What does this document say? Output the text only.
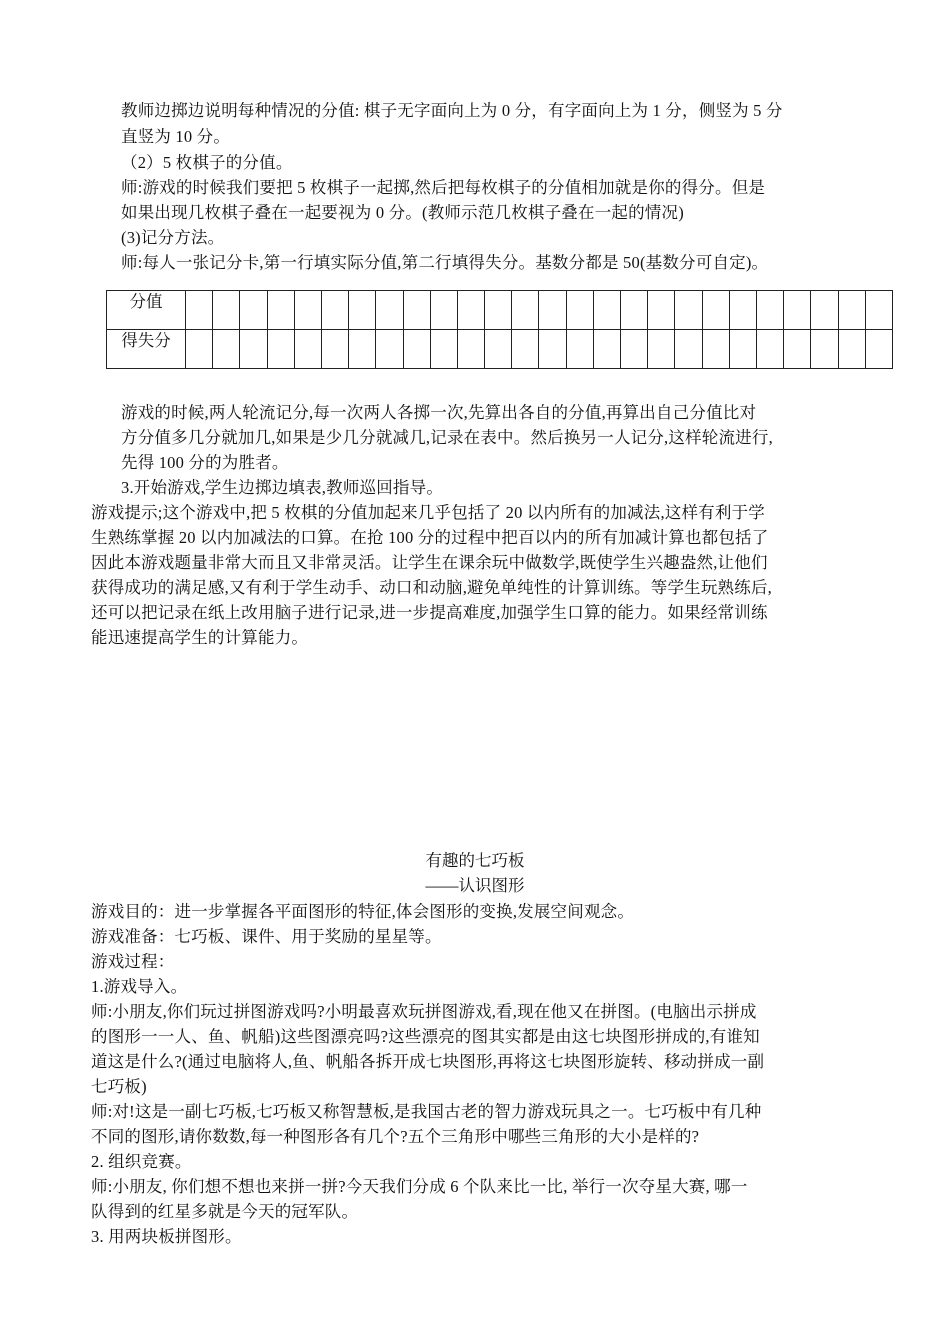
教师边掷边说明每种情况的分值: 棋子无字面向上为 0 分，有字面向上为 1 分，侧竖为 5 分
直竖为 10 分。
（2）5 枚棋子的分值。
师:游戏的时候我们要把 5 枚棋子一起掷,然后把每枚棋子的分值相加就是你的得分。但是
如果出现几枚棋子叠在一起要视为 0 分。(教师示范几枚棋子叠在一起的情况)
(3)记分方法。
师:每人一张记分卡,第一行填实际分值,第二行填得失分。基数分都是 50(基数分可自定)。
分值																										
得失分																										
游戏的时候,两人轮流记分,每一次两人各掷一次,先算出各自的分值,再算出自己分值比对
方分值多几分就加几,如果是少几分就减几,记录在表中。然后换另一人记分,这样轮流进行,
先得 100 分的为胜者。
3.开始游戏,学生边掷边填表,教师巡回指导。
游戏提示;这个游戏中,把 5 枚棋的分值加起来几乎包括了 20 以内所有的加减法,这样有利于学
生熟练掌握 20 以内加减法的口算。在抢 100 分的过程中把百以内的所有加减计算也都包括了
因此本游戏题量非常大而且又非常灵活。让学生在课余玩中做数学,既使学生兴趣盎然,让他们
获得成功的满足感,又有利于学生动手、动口和动脑,避免单纯性的计算训练。等学生玩熟练后,
还可以把记录在纸上改用脑子进行记录,进一步提高难度,加强学生口算的能力。如果经常训练
能迅速提高学生的计算能力。
有趣的七巧板
——认识图形
游戏目的：进一步掌握各平面图形的特征,体会图形的变换,发展空间观念。
游戏准备：七巧板、课件、用于奖励的星星等。
游戏过程：
1.游戏导入。
师:小朋友,你们玩过拼图游戏吗?小明最喜欢玩拼图游戏,看,现在他又在拼图。(电脑出示拼成
的图形一一人、鱼、帆船)这些图漂亮吗?这些漂亮的图其实都是由这七块图形拼成的,有谁知
道这是什么?(通过电脑将人,鱼、帆船各拆开成七块图形,再将这七块图形旋转、移动拼成一副
七巧板)
师:对!这是一副七巧板,七巧板又称智慧板,是我国古老的智力游戏玩具之一。七巧板中有几种
不同的图形,请你数数,每一种图形各有几个?五个三角形中哪些三角形的大小是样的?
2. 组织竞赛。
师:小朋友, 你们想不想也来拼一拼?今天我们分成 6 个队来比一比, 举行一次夺星大赛, 哪一
队得到的红星多就是今天的冠军队。
3. 用两块板拼图形。
